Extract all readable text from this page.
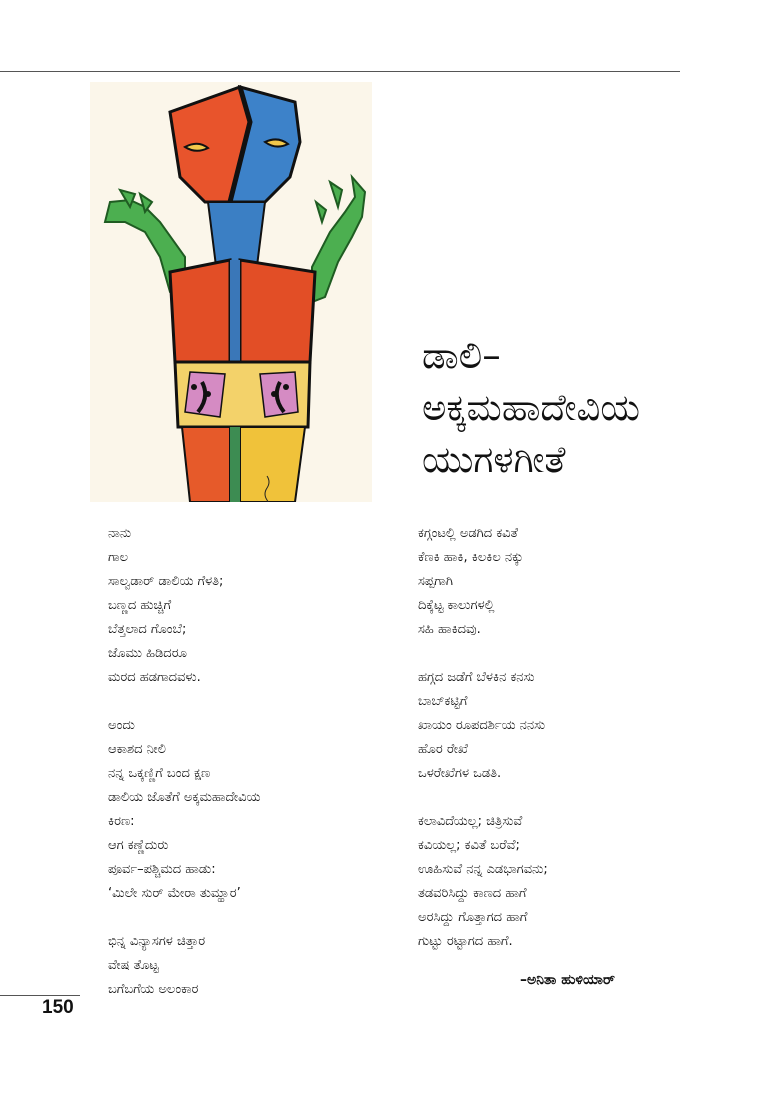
ಡಾಲಿ–
ಅಕ್ಕಮಹಾದೇವಿಯ
ಯುಗಳಗೀತೆ
ನಾನು
ಗಾಲ
ಸಾಲ್ವಡಾರ್ ಡಾಲಿಯ ಗೆಳತಿ;
ಬಣ್ಣದ ಹುಚ್ಚಿಗೆ
ಬೆತ್ತಲಾದ ಗೊಂಬೆ;
ಜೊಮು ಹಿಡಿದರೂ
ಮರದ ಹಡಗಾದವಳು.
ಅಂದು
ಆಕಾಶದ ನೀಲಿ
ನನ್ನ ಒಕ್ಕಣ್ಣಿಗೆ ಬಂದ ಕ್ಷಣ
ಡಾಲಿಯ ಜೊತೆಗೆ ಅಕ್ಕಮಹಾದೇವಿಯ
ಕಿರಣ:
ಆಗ ಕಣ್ಣೆದುರು
ಪೂರ್ವ–ಪಶ್ಚಿಮದ ಹಾಡು:
‘ಮಿಲೇ ಸುರ್ ಮೇರಾ ತುಮ್ಹಾರ’
ಭಿನ್ನ ವಿನ್ಯಾಸಗಳ ಚಿತ್ತಾರ
ವೇಷ ತೊಟ್ಟ
ಬಗೆಬಗೆಯ ಅಲಂಕಾರ
ಕಗ್ಗಂಟಲ್ಲಿ ಅಡಗಿದ ಕವಿತೆ
ಕೆಣಕಿ ಹಾಕಿ, ಕಿಲಕಿಲ ನಕ್ಕು
ಸಪ್ಪಗಾಗಿ
ದಿಕ್ಕೆಟ್ಟ ಕಾಲುಗಳಲ್ಲಿ
ಸಹಿ ಹಾಕಿದವು.
ಹಗ್ಗದ ಜಡೆಗೆ ಬೆಳಕಿನ ಕನಸು
ಬಾಬ್‌ಕಟ್ಟಿಗೆ
ಖಾಯಂ ರೂಪದರ್ಶಿಯ ನನಸು
ಹೊರ ರೇಖೆ
ಒಳರೇಖೆಗಳ ಒಡತಿ.
ಕಲಾವಿದೆಯಲ್ಲ; ಚಿತ್ರಿಸುವೆ
ಕವಿಯಲ್ಲ; ಕವಿತೆ ಬರೆವೆ;
ಊಹಿಸುವೆ ನನ್ನ ಎಡಭಾಗವನು;
ತಡವರಿಸಿದ್ದು ಕಾಣದ ಹಾಗೆ
ಅರಸಿದ್ದು ಗೊತ್ತಾಗದ ಹಾಗೆ
ಗುಟ್ಟು ರಟ್ಟಾಗದ ಹಾಗೆ.
–ಅನಿತಾ ಹುಳಿಯಾರ್
150
